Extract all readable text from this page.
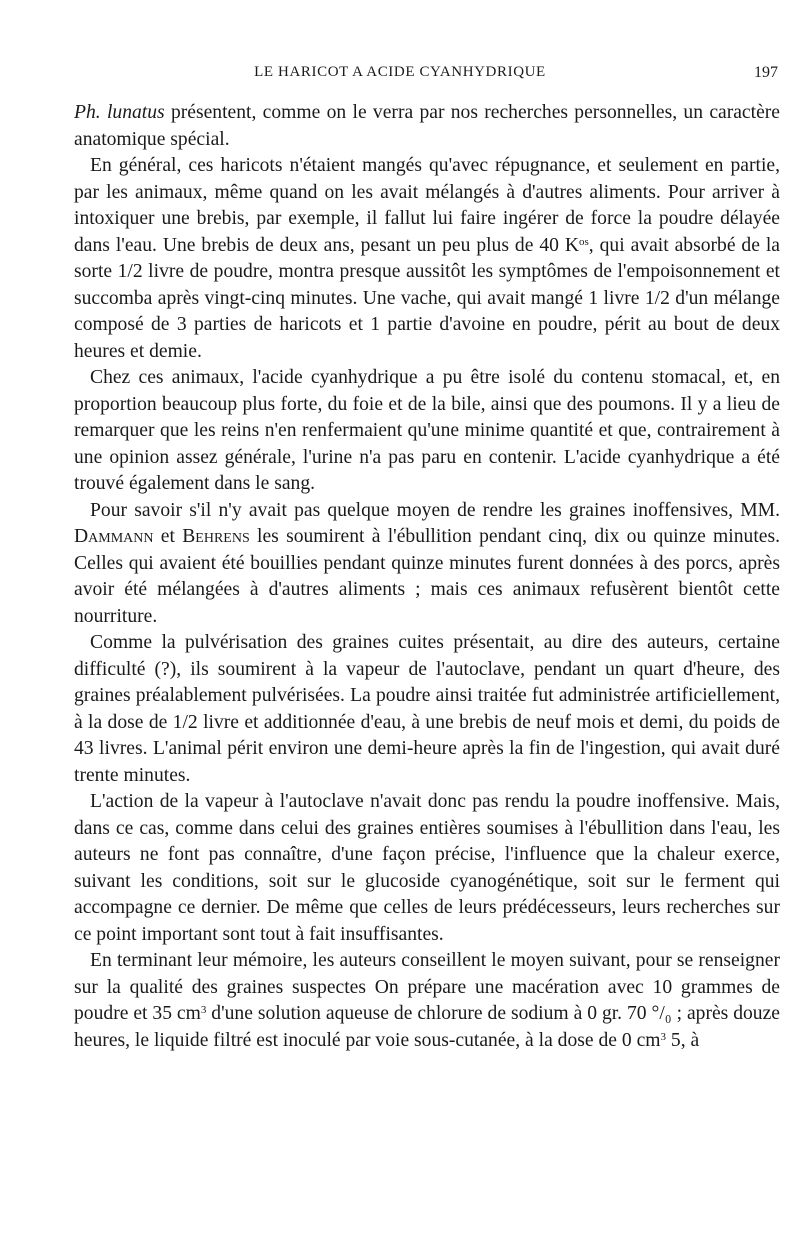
LE HARICOT A ACIDE CYANHYDRIQUE	197

Ph. lunatus présentent, comme on le verra par nos recherches personnelles, un caractère anatomique spécial.

En général, ces haricots n'étaient mangés qu'avec répugnance, et seulement en partie, par les animaux, même quand on les avait mélangés à d'autres aliments. Pour arriver à intoxiquer une brebis, par exemple, il fallut lui faire ingérer de force la poudre délayée dans l'eau. Une brebis de deux ans, pesant un peu plus de 40 $K^{os}$, qui avait absorbé de la sorte 1/2 livre de poudre, montra presque aussitôt les symptômes de l'empoisonnement et succomba après vingt-cinq minutes. Une vache, qui avait mangé 1 livre 1/2 d'un mélange composé de 3 parties de haricots et 1 partie d'avoine en poudre, périt au bout de deux heures et demie.

Chez ces animaux, l'acide cyanhydrique a pu être isolé du contenu stomacal, et, en proportion beaucoup plus forte, du foie et de la bile, ainsi que des poumons. Il y a lieu de remarquer que les reins n'en renfermaient qu'une minime quantité et que, contrairement à une opinion assez générale, l'urine n'a pas paru en contenir. L'acide cyanhydrique a été trouvé également dans le sang.

Pour savoir s'il n'y avait pas quelque moyen de rendre les graines inoffensives, MM. Dammann et Behrens les soumirent à l'ébullition pendant cinq, dix ou quinze minutes. Celles qui avaient été bouillies pendant quinze minutes furent données à des porcs, après avoir été mélangées à d'autres aliments ; mais ces animaux refusèrent bientôt cette nourriture.

Comme la pulvérisation des graines cuites présentait, au dire des auteurs, certaine difficulté (?), ils soumirent à la vapeur de l'autoclave, pendant un quart d'heure, des graines préalablement pulvérisées. La poudre ainsi traitée fut administrée artificiellement, à la dose de 1/2 livre et additionnée d'eau, à une brebis de neuf mois et demi, du poids de 43 livres. L'animal périt environ une demi-heure après la fin de l'ingestion, qui avait duré trente minutes.

L'action de la vapeur à l'autoclave n'avait donc pas rendu la poudre inoffensive. Mais, dans ce cas, comme dans celui des graines entières soumises à l'ébullition dans l'eau, les auteurs ne font pas connaître, d'une façon précise, l'influence que la chaleur exerce, suivant les conditions, soit sur le glucoside cyanogénétique, soit sur le ferment qui accompagne ce dernier. De même que celles de leurs prédécesseurs, leurs recherches sur ce point important sont tout à fait insuffisantes.

En terminant leur mémoire, les auteurs conseillent le moyen suivant, pour se renseigner sur la qualité des graines suspectes On prépare une macération avec 10 grammes de poudre et 35 $cm^3$ d'une solution aqueuse de chlorure de sodium à 0 gr. 70 °/₀ ; après douze heures, le liquide filtré est inoculé par voie sous-cutanée, à la dose de 0 $cm^3$ 5, à
